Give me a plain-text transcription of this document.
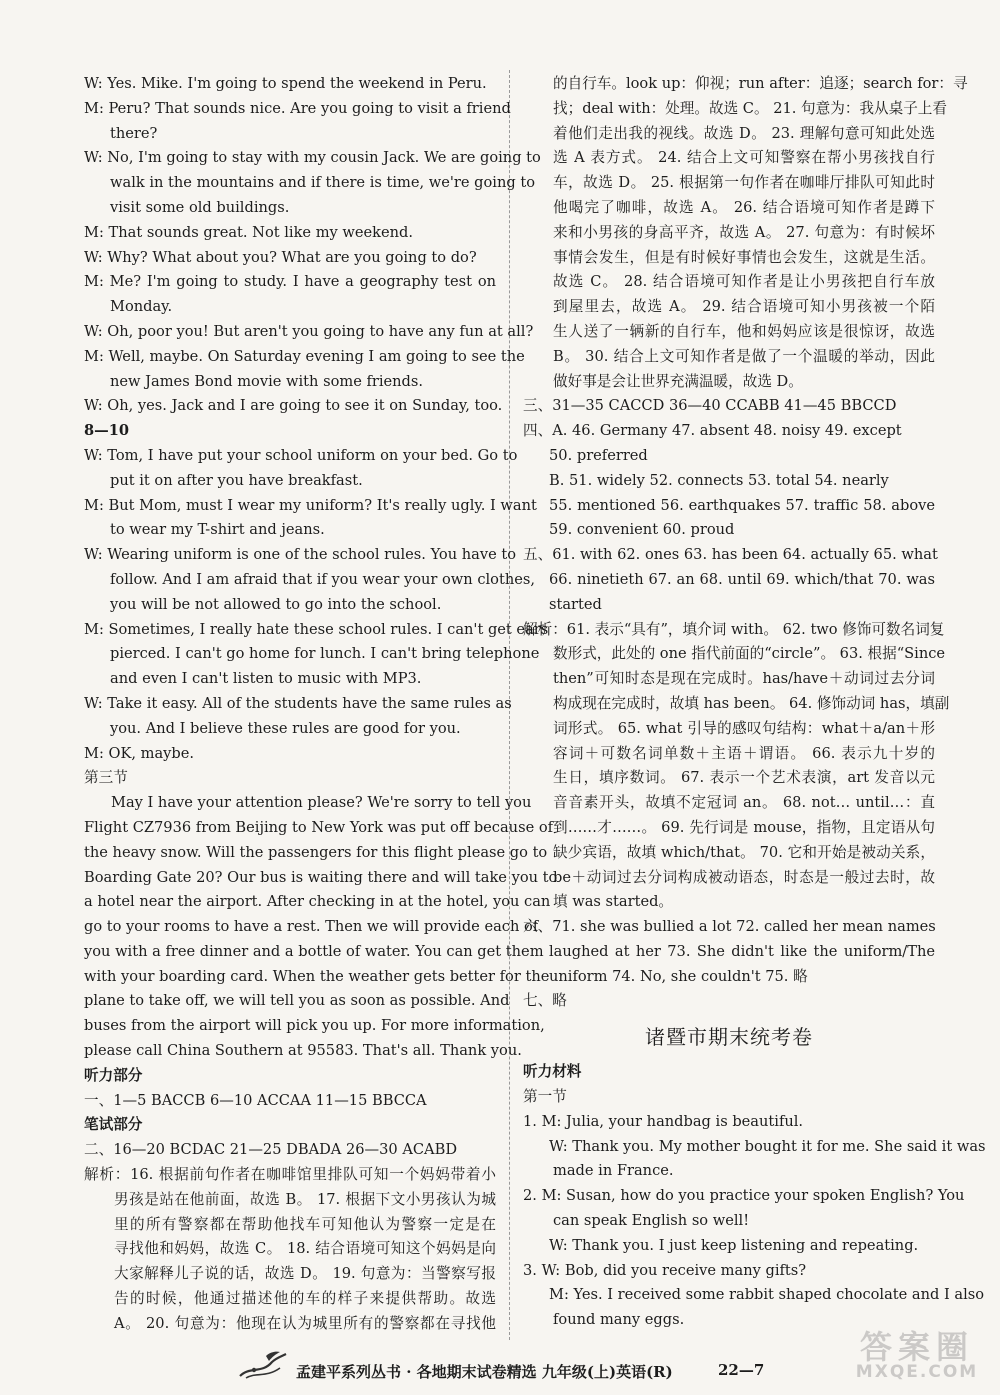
W: Yes. Mike. I'm going to spend the weekend in Peru.
M: Peru? That sounds nice. Are you going to visit a friend
there?
W: No, I'm going to stay with my cousin Jack. We are going to
walk in the mountains and if there is time, we're going to
visit some old buildings.
M: That sounds great. Not like my weekend.
W: Why? What about you? What are you going to do?
M: Me? I'm going to study. I have a geography test on
Monday.
W: Oh, poor you! But aren't you going to have any fun at all?
M: Well, maybe. On Saturday evening I am going to see the
new James Bond movie with some friends.
W: Oh, yes. Jack and I are going to see it on Sunday, too.
8—10
W: Tom, I have put your school uniform on your bed. Go to
put it on after you have breakfast.
M: But Mom, must I wear my uniform? It's really ugly. I want
to wear my T-shirt and jeans.
W: Wearing uniform is one of the school rules. You have to
follow. And I am afraid that if you wear your own clothes,
you will be not allowed to go into the school.
M: Sometimes, I really hate these school rules. I can't get ears
pierced. I can't go home for lunch. I can't bring telephone
and even I can't listen to music with MP3.
W: Take it easy. All of the students have the same rules as
you. And I believe these rules are good for you.
M: OK, maybe.
第三节
May I have your attention please? We're sorry to tell you
Flight CZ7936 from Beijing to New York was put off because of
the heavy snow. Will the passengers for this flight please go to
Boarding Gate 20? Our bus is waiting there and will take you to
a hotel near the airport. After checking in at the hotel, you can
go to your rooms to have a rest. Then we will provide each of
you with a free dinner and a bottle of water. You can get them
with your boarding card. When the weather gets better for the
plane to take off, we will tell you as soon as possible. And
buses from the airport will pick you up. For more information,
please call China Southern at 95583. That's all. Thank you.
听力部分
一、1—5 BACCB 6—10 ACCAA 11—15 BBCCA
笔试部分
二、16—20 BCDAC 21—25 DBADA 26—30 ACABD
解析：16. 根据前句作者在咖啡馆里排队可知一个妈妈带着小
男孩是站在他前面，故选 B。 17. 根据下文小男孩认为城
里的所有警察都在帮助他找车可知他认为警察一定是在
寻找他和妈妈，故选 C。 18. 结合语境可知这个妈妈是向
大家解释儿子说的话，故选 D。 19. 句意为：当警察写报
告的时候，他通过描述他的车的样子来提供帮助。故选
A。 20. 句意为：他现在认为城里所有的警察都在寻找他
的自行车。look up：仰视；run after：追逐；search for：寻
找；deal with：处理。故选 C。 21. 句意为：我从桌子上看
着他们走出我的视线。故选 D。 23. 理解句意可知此处选
选 A 表方式。 24. 结合上文可知警察在帮小男孩找自行
车，故选 D。 25. 根据第一句作者在咖啡厅排队可知此时
他喝完了咖啡，故选 A。 26. 结合语境可知作者是蹲下
来和小男孩的身高平齐，故选 A。 27. 句意为：有时候坏
事情会发生，但是有时候好事情也会发生，这就是生活。
故选 C。 28. 结合语境可知作者是让小男孩把自行车放
到屋里去，故选 A。 29. 结合语境可知小男孩被一个陌
生人送了一辆新的自行车，他和妈妈应该是很惊讶，故选
B。 30. 结合上文可知作者是做了一个温暖的举动，因此
做好事是会让世界充满温暖，故选 D。
三、31—35 CACCD 36—40 CCABB 41—45 BBCCD
四、A. 46. Germany 47. absent 48. noisy 49. except
50. preferred
B. 51. widely 52. connects 53. total 54. nearly
55. mentioned 56. earthquakes 57. traffic 58. above
59. convenient 60. proud
五、61. with 62. ones 63. has been 64. actually 65. what
66. ninetieth 67. an 68. until 69. which/that 70. was
started
解析：61. 表示“具有”，填介词 with。 62. two 修饰可数名词复
数形式，此处的 one 指代前面的“circle”。 63. 根据“Since
then”可知时态是现在完成时。has/have＋动词过去分词
构成现在完成时，故填 has been。 64. 修饰动词 has，填副
词形式。 65. what 引导的感叹句结构：what＋a/an＋形
容词＋可数名词单数＋主语＋谓语。 66. 表示九十岁的
生日，填序数词。 67. 表示一个艺术表演，art 发音以元
音音素开头，故填不定冠词 an。 68. not… until…：直
到……才……。 69. 先行词是 mouse，指物，且定语从句
缺少宾语，故填 which/that。 70. 它和开始是被动关系，
be＋动词过去分词构成被动语态，时态是一般过去时，故
填 was started。
六、71. she was bullied a lot 72. called her mean names
laughed at her 73. She didn't like the uniform/The
uniform 74. No, she couldn't 75. 略
七、略
诸暨市期末统考卷
听力材料
第一节
1. M: Julia, your handbag is beautiful.
W: Thank you. My mother bought it for me. She said it was
made in France.
2. M: Susan, how do you practice your spoken English? You
can speak English so well!
W: Thank you. I just keep listening and repeating.
3. W: Bob, did you receive many gifts?
M: Yes. I received some rabbit shaped chocolate and I also
found many eggs.
孟建平系列丛书 · 各地期末试卷精选 九年级(上)英语(R)	22—7
答案圈
MXQE.COM
